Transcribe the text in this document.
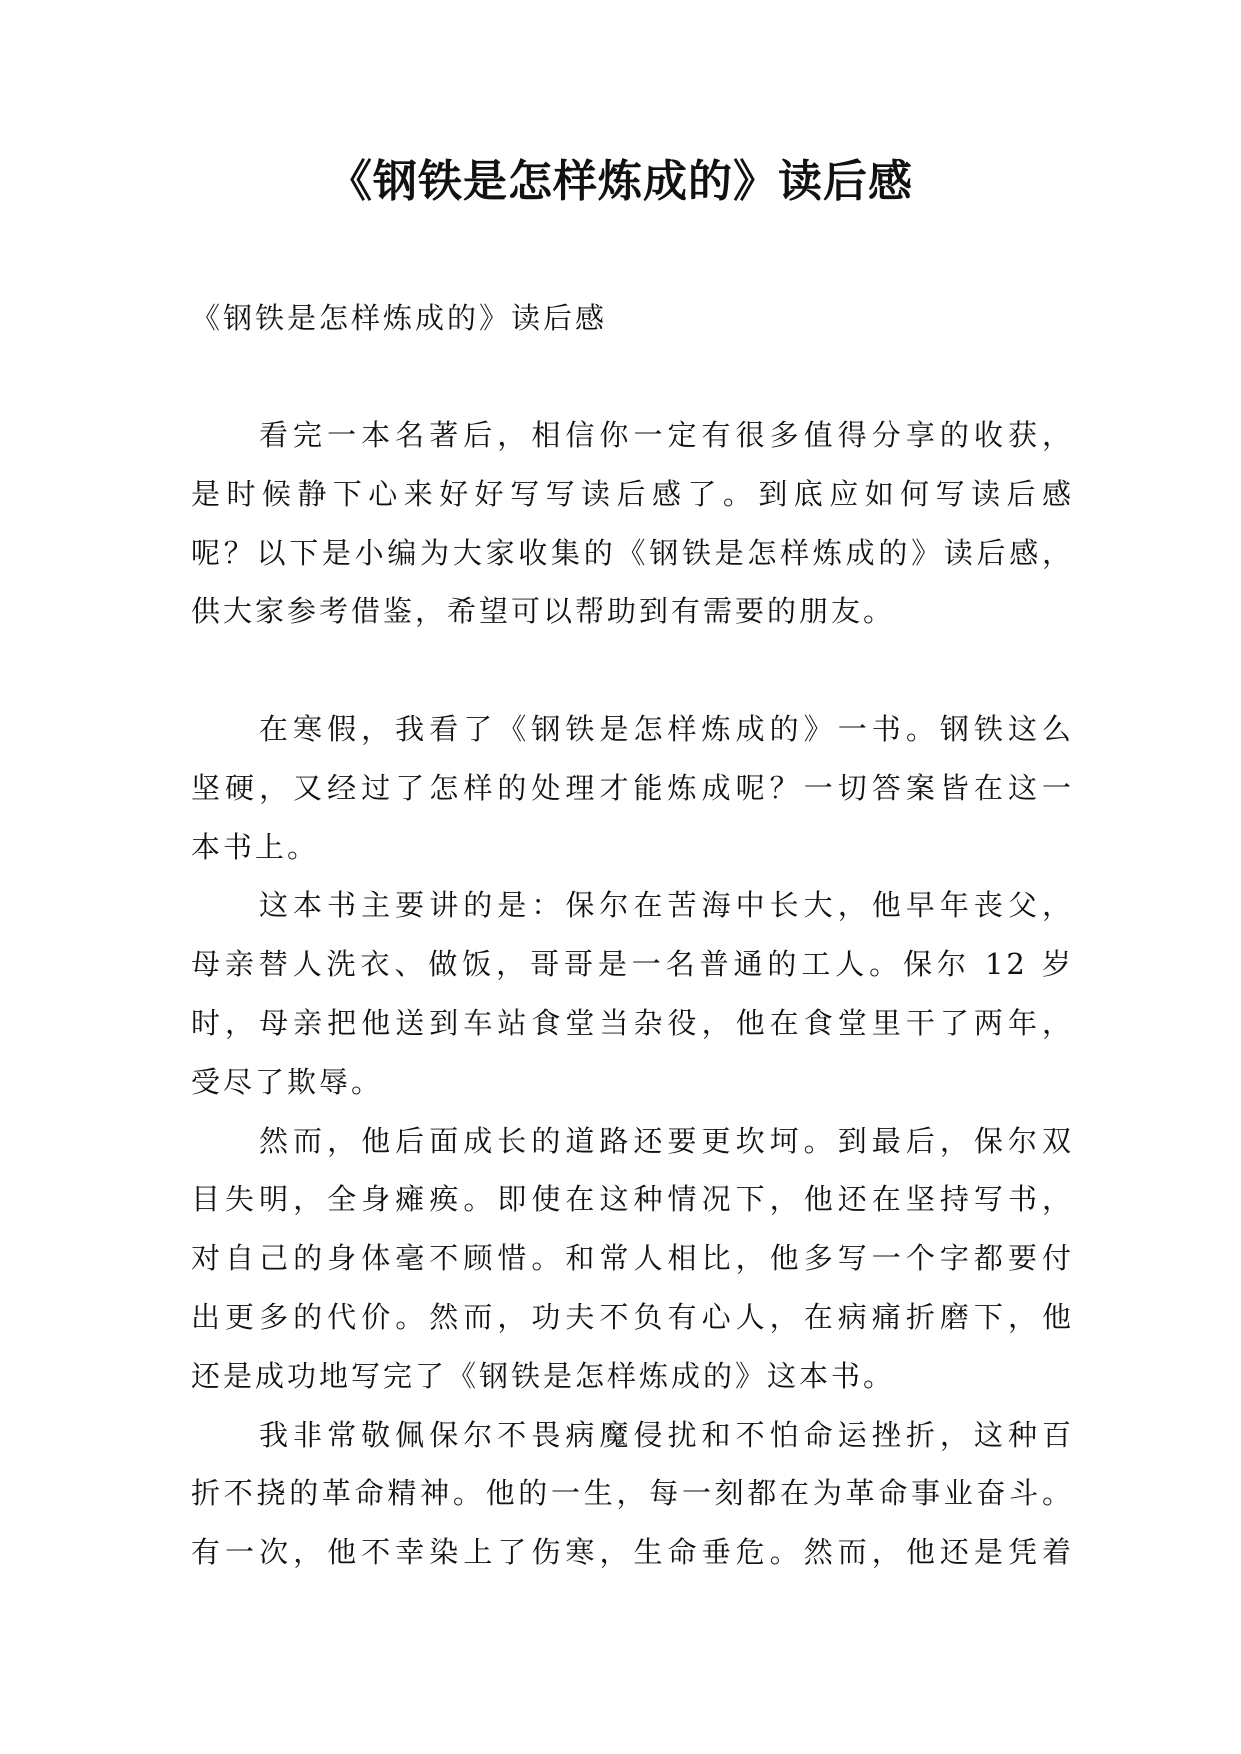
《钢铁是怎样炼成的》读后感
《钢铁是怎样炼成的》读后感
看完一本名著后，相信你一定有很多值得分享的收获，
是时候静下心来好好写写读后感了。到底应如何写读后感
呢？以下是小编为大家收集的《钢铁是怎样炼成的》读后感，
供大家参考借鉴，希望可以帮助到有需要的朋友。
在寒假，我看了《钢铁是怎样炼成的》一书。钢铁这么
坚硬，又经过了怎样的处理才能炼成呢？一切答案皆在这一
本书上。
这本书主要讲的是：保尔在苦海中长大，他早年丧父，
母亲替人洗衣、做饭，哥哥是一名普通的工人。保尔 12 岁
时，母亲把他送到车站食堂当杂役，他在食堂里干了两年，
受尽了欺辱。
然而，他后面成长的道路还要更坎坷。到最后，保尔双
目失明，全身瘫痪。即使在这种情况下，他还在坚持写书，
对自己的身体毫不顾惜。和常人相比，他多写一个字都要付
出更多的代价。然而，功夫不负有心人，在病痛折磨下，他
还是成功地写完了《钢铁是怎样炼成的》这本书。
我非常敬佩保尔不畏病魔侵扰和不怕命运挫折，这种百
折不挠的革命精神。他的一生，每一刻都在为革命事业奋斗。
有一次，他不幸染上了伤寒，生命垂危。然而，他还是凭着
